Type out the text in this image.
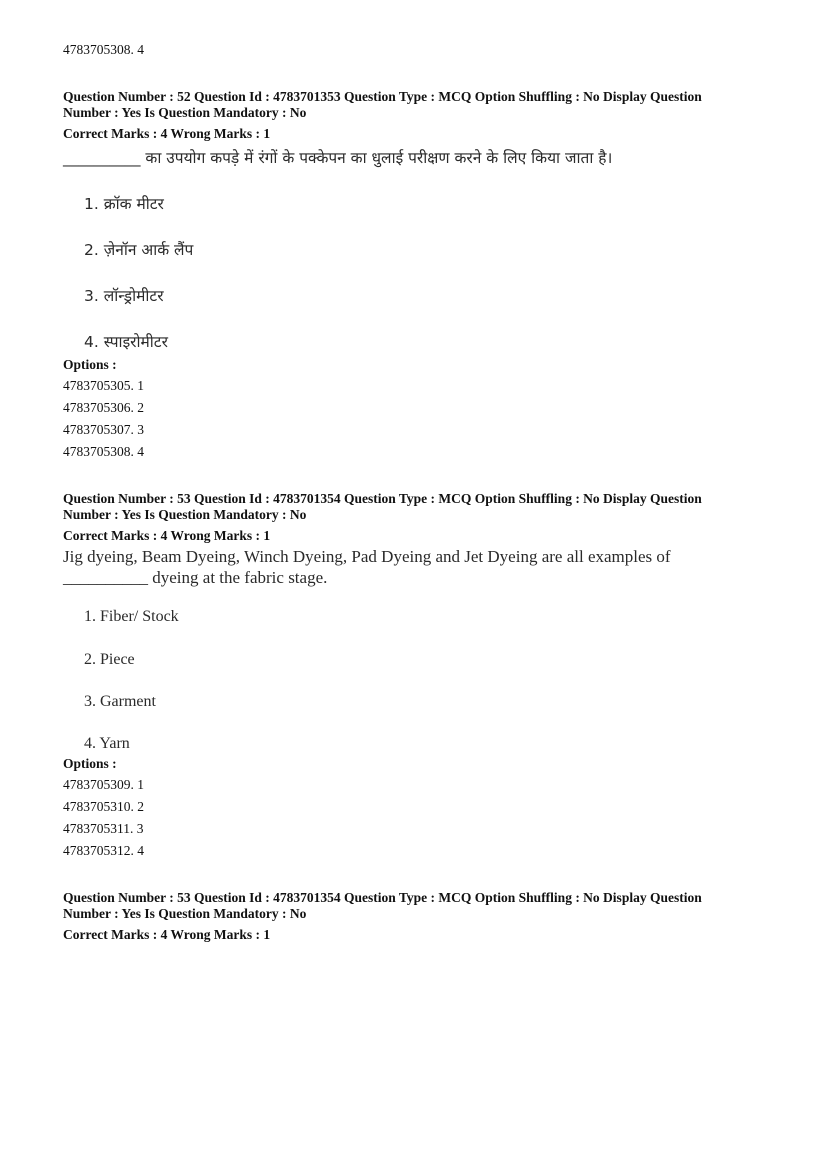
4783705308. 4
Question Number : 52 Question Id : 4783701353 Question Type : MCQ Option Shuffling : No Display Question
Number : Yes Is Question Mandatory : No
Correct Marks : 4 Wrong Marks : 1
__________ का उपयोग कपड़े में रंगों के पक्केपन का धुलाई परीक्षण करने के लिए किया जाता है।
1. क्रॉक मीटर
2. ज़ेनॉन आर्क लैंप
3. लॉन्ड्रोमीटर
4. स्पाइरोमीटर
Options :
4783705305. 1
4783705306. 2
4783705307. 3
4783705308. 4
Question Number : 53 Question Id : 4783701354 Question Type : MCQ Option Shuffling : No Display Question
Number : Yes Is Question Mandatory : No
Correct Marks : 4 Wrong Marks : 1
Jig dyeing, Beam Dyeing, Winch Dyeing, Pad Dyeing and Jet Dyeing are all examples of
__________ dyeing at the fabric stage.
1. Fiber/ Stock
2. Piece
3. Garment
4. Yarn
Options :
4783705309. 1
4783705310. 2
4783705311. 3
4783705312. 4
Question Number : 53 Question Id : 4783701354 Question Type : MCQ Option Shuffling : No Display Question
Number : Yes Is Question Mandatory : No
Correct Marks : 4 Wrong Marks : 1
